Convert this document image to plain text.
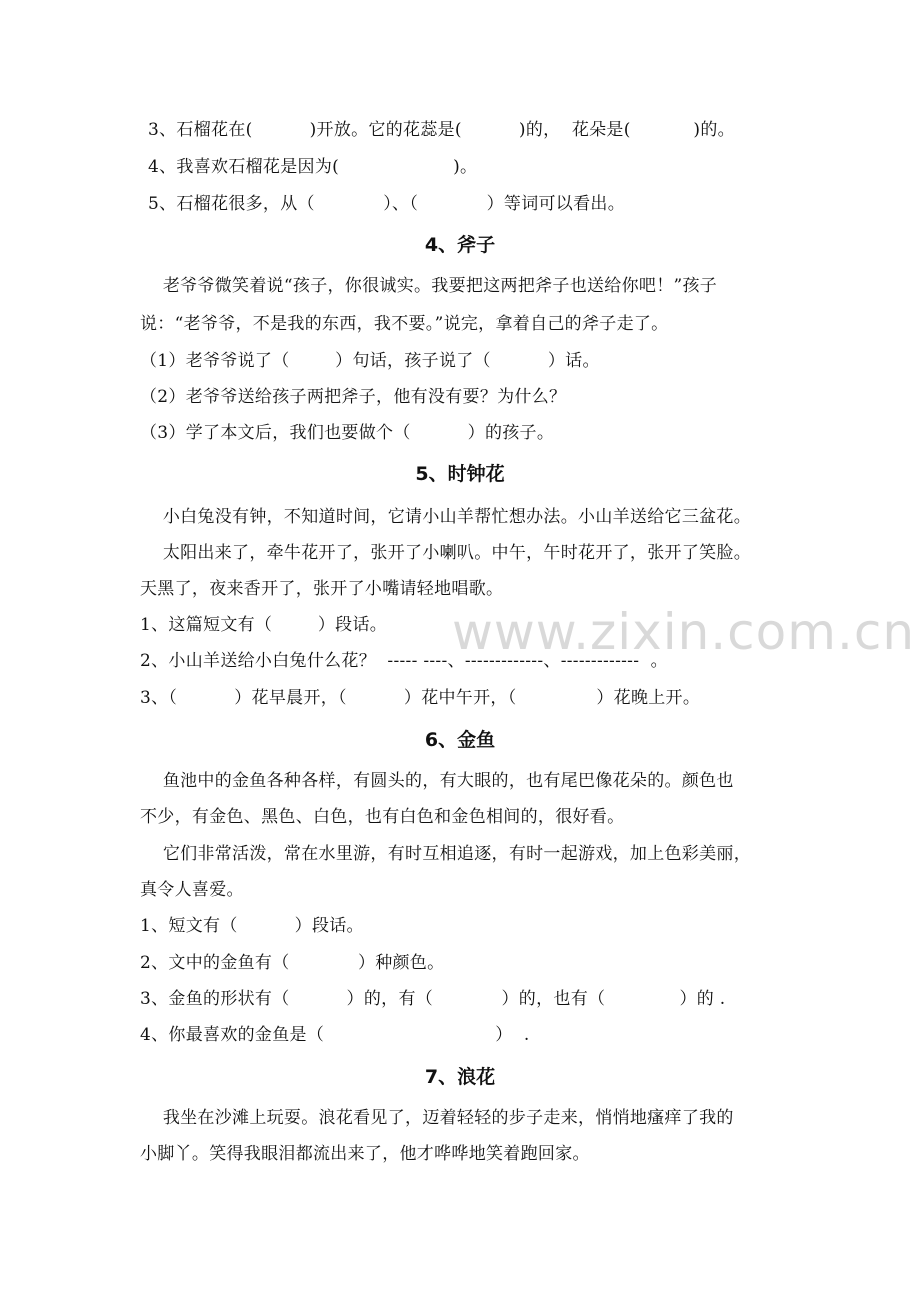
www.zixin.com.cn
3、石榴花在(          )开放。它的花蕊是(          )的，  花朵是(           )的。
4、我喜欢石榴花是因为(                    )。
5、石榴花很多，从（            ）、（            ）等词可以看出。
4、斧子
老爷爷微笑着说“孩子，你很诚实。我要把这两把斧子也送给你吧！”孩子
说：“老爷爷，不是我的东西，我不要。”说完，拿着自己的斧子走了。
（1）老爷爷说了（        ）句话，孩子说了（          ）话。
（2）老爷爷送给孩子两把斧子，他有没有要？为什么？
（3）学了本文后，我们也要做个（          ）的孩子。
5、时钟花
小白兔没有钟，不知道时间，它请小山羊帮忙想办法。小山羊送给它三盆花。
太阳出来了，牵牛花开了，张开了小喇叭。中午，午时花开了，张开了笑脸。
天黑了，夜来香开了，张开了小嘴请轻地唱歌。
1、这篇短文有（        ）段话。
2、小山羊送给小白兔什么花？  ----- ----、-------------、-------------  。
3、（          ）花早晨开，（          ）花中午开，（              ）花晚上开。
6、金鱼
鱼池中的金鱼各种各样，有圆头的，有大眼的，也有尾巴像花朵的。颜色也
不少，有金色、黑色、白色，也有白色和金色相间的，很好看。
它们非常活泼，常在水里游，有时互相追逐，有时一起游戏，加上色彩美丽，
真令人喜爱。
1、短文有（          ）段话。
2、文中的金鱼有（            ）种颜色。
3、金鱼的形状有（          ）的，有（            ）的，也有（             ）的 .
4、你最喜欢的金鱼是（                              ）  .
7、浪花
我坐在沙滩上玩耍。浪花看见了，迈着轻轻的步子走来，悄悄地瘙痒了我的
小脚丫。笑得我眼泪都流出来了，他才哗哗地笑着跑回家。
